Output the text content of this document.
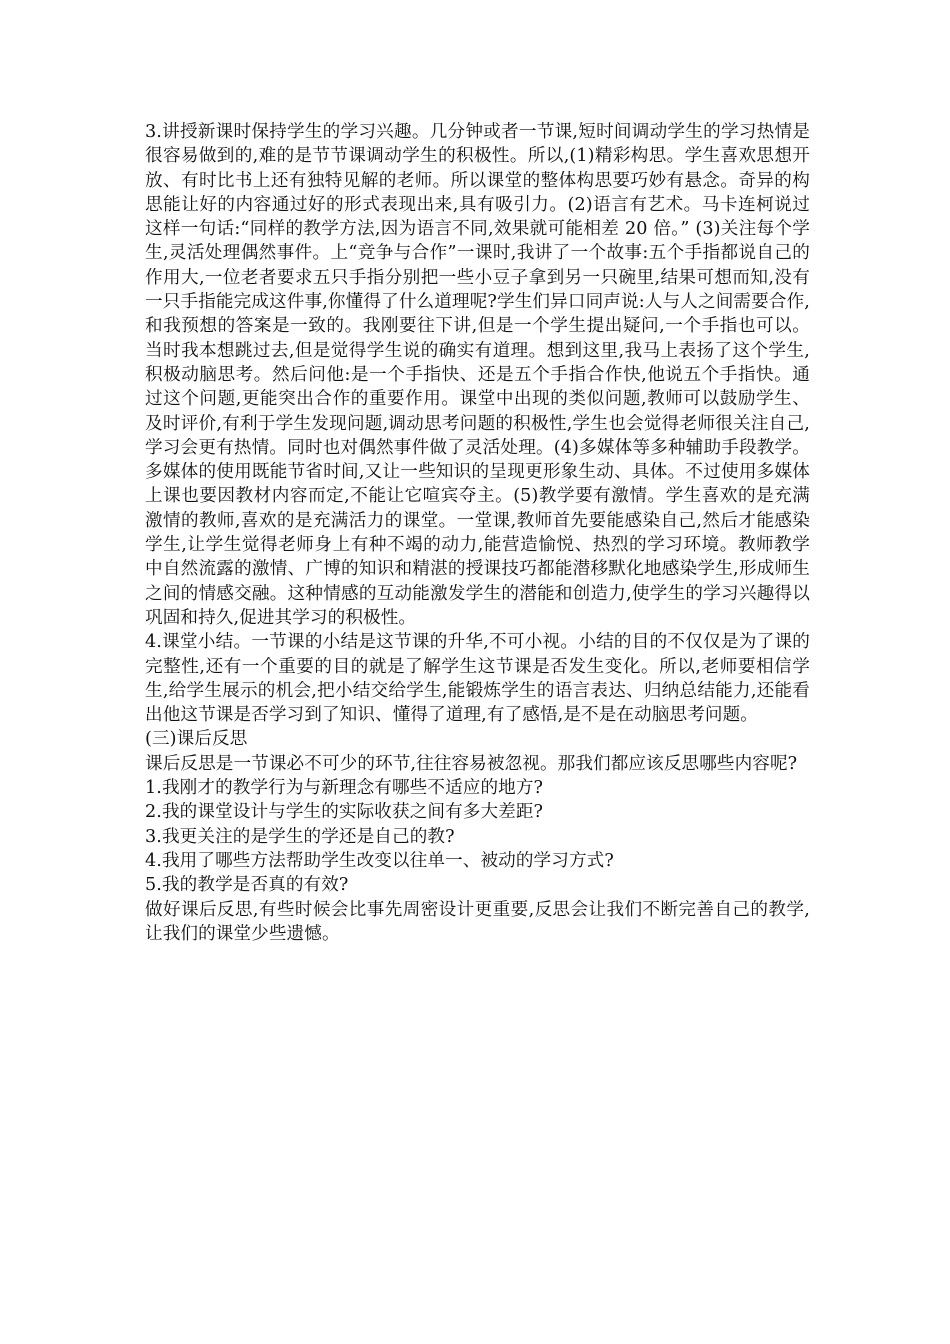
3.讲授新课时保持学生的学习兴趣。几分钟或者一节课,短时间调动学生的学习热情是很容易做到的,难的是节节课调动学生的积极性。所以,(1)精彩构思。学生喜欢思想开放、有时比书上还有独特见解的老师。所以课堂的整体构思要巧妙有悬念。奇异的构思能让好的内容通过好的形式表现出来,具有吸引力。(2)语言有艺术。马卡连柯说过这样一句话:“同样的教学方法,因为语言不同,效果就可能相差 20 倍。” (3)关注每个学生,灵活处理偶然事件。上“竞争与合作”一课时,我讲了一个故事:五个手指都说自己的作用大,一位老者要求五只手指分别把一些小豆子拿到另一只碗里,结果可想而知,没有一只手指能完成这件事,你懂得了什么道理呢?学生们异口同声说:人与人之间需要合作,和我预想的答案是一致的。我刚要往下讲,但是一个学生提出疑问,一个手指也可以。当时我本想跳过去,但是觉得学生说的确实有道理。想到这里,我马上表扬了这个学生,积极动脑思考。然后问他:是一个手指快、还是五个手指合作快,他说五个手指快。通过这个问题,更能突出合作的重要作用。课堂中出现的类似问题,教师可以鼓励学生、及时评价,有利于学生发现问题,调动思考问题的积极性,学生也会觉得老师很关注自己,学习会更有热情。同时也对偶然事件做了灵活处理。(4)多媒体等多种辅助手段教学。多媒体的使用既能节省时间,又让一些知识的呈现更形象生动、具体。不过使用多媒体上课也要因教材内容而定,不能让它喧宾夺主。(5)教学要有激情。学生喜欢的是充满激情的教师,喜欢的是充满活力的课堂。一堂课,教师首先要能感染自己,然后才能感染学生,让学生觉得老师身上有种不竭的动力,能营造愉悦、热烈的学习环境。教师教学中自然流露的激情、广博的知识和精湛的授课技巧都能潜移默化地感染学生,形成师生之间的情感交融。这种情感的互动能激发学生的潜能和创造力,使学生的学习兴趣得以巩固和持久,促进其学习的积极性。

4.课堂小结。一节课的小结是这节课的升华,不可小视。小结的目的不仅仅是为了课的完整性,还有一个重要的目的就是了解学生这节课是否发生变化。所以,老师要相信学生,给学生展示的机会,把小结交给学生,能锻炼学生的语言表达、归纳总结能力,还能看出他这节课是否学习到了知识、懂得了道理,有了感悟,是不是在动脑思考问题。

(三)课后反思

课后反思是一节课必不可少的环节,往往容易被忽视。那我们都应该反思哪些内容呢?

1.我刚才的教学行为与新理念有哪些不适应的地方?

2.我的课堂设计与学生的实际收获之间有多大差距?

3.我更关注的是学生的学还是自己的教?

4.我用了哪些方法帮助学生改变以往单一、被动的学习方式?

5.我的教学是否真的有效?

做好课后反思,有些时候会比事先周密设计更重要,反思会让我们不断完善自己的教学,让我们的课堂少些遗憾。
